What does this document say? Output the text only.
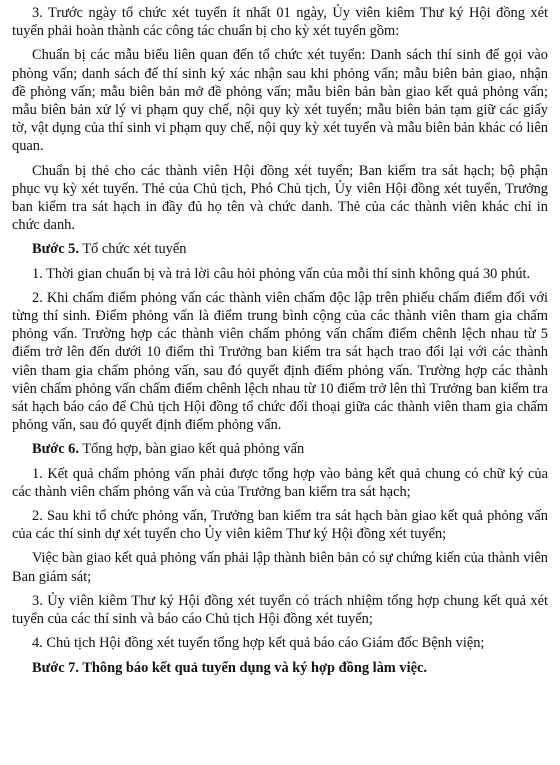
3. Trước ngày tổ chức xét tuyển ít nhất 01 ngày, Ủy viên kiêm Thư ký Hội đồng xét tuyển phải hoàn thành các công tác chuẩn bị cho kỳ xét tuyển gồm:

Chuẩn bị các mẫu biểu liên quan đến tổ chức xét tuyển: Danh sách thí sinh để gọi vào phòng vấn; danh sách để thí sinh ký xác nhận sau khi phỏng vấn; mẫu biên bản giao, nhận đề phỏng vấn; mẫu biên bản mở đề phỏng vấn; mẫu biên bản bàn giao kết quả phỏng vấn; mẫu biên bản xử lý vi phạm quy chế, nội quy kỳ xét tuyển; mẫu biên bản tạm giữ các giấy tờ, vật dụng của thí sinh vi phạm quy chế, nội quy kỳ xét tuyển và mẫu biên bản khác có liên quan.

Chuẩn bị thẻ cho các thành viên Hội đồng xét tuyển; Ban kiểm tra sát hạch; bộ phận phục vụ kỳ xét tuyển. Thẻ của Chủ tịch, Phó Chủ tịch, Ủy viên Hội đồng xét tuyển, Trưởng ban kiểm tra sát hạch in đầy đủ họ tên và chức danh. Thẻ của các thành viên khác chỉ in chức danh.

Bước 5. Tổ chức xét tuyển

1. Thời gian chuẩn bị và trả lời câu hỏi phỏng vấn của mỗi thí sinh không quá 30 phút.

2. Khi chấm điểm phỏng vấn các thành viên chấm độc lập trên phiếu chấm điểm đối với từng thí sinh. Điểm phỏng vấn là điểm trung bình cộng của các thành viên tham gia chấm phỏng vấn. Trường hợp các thành viên chấm phỏng vấn chấm điểm chênh lệch nhau từ 5 điểm trở lên đến dưới 10 điểm thì Trưởng ban kiểm tra sát hạch trao đổi lại với các thành viên tham gia chấm phỏng vấn, sau đó quyết định điểm phỏng vấn. Trường hợp các thành viên chấm phỏng vấn chấm điểm chênh lệch nhau từ 10 điểm trở lên thì Trưởng ban kiểm tra sát hạch báo cáo để Chủ tịch Hội đồng tổ chức đối thoại giữa các thành viên tham gia chấm phỏng vấn, sau đó quyết định điểm phỏng vấn.

Bước 6. Tổng hợp, bàn giao kết quả phỏng vấn

1. Kết quả chấm phỏng vấn phải được tổng hợp vào bảng kết quả chung có chữ ký của các thành viên chấm phỏng vấn và của Trưởng ban kiểm tra sát hạch;

2. Sau khi tổ chức phỏng vấn, Trưởng ban kiểm tra sát hạch bàn giao kết quả phỏng vấn của các thí sinh dự xét tuyển cho Ủy viên kiêm Thư ký Hội đồng xét tuyển;

Việc bàn giao kết quả phỏng vấn phải lập thành biên bản có sự chứng kiến của thành viên Ban giám sát;

3. Ủy viên kiêm Thư ký Hội đồng xét tuyển có trách nhiệm tổng hợp chung kết quả xét tuyển của các thí sinh và báo cáo Chủ tịch Hội đồng xét tuyển;

4. Chủ tịch Hội đồng xét tuyển tổng hợp kết quả báo cáo Giám đốc Bệnh viện;

Bước 7. Thông báo kết quả tuyển dụng và ký hợp đồng làm việc.
